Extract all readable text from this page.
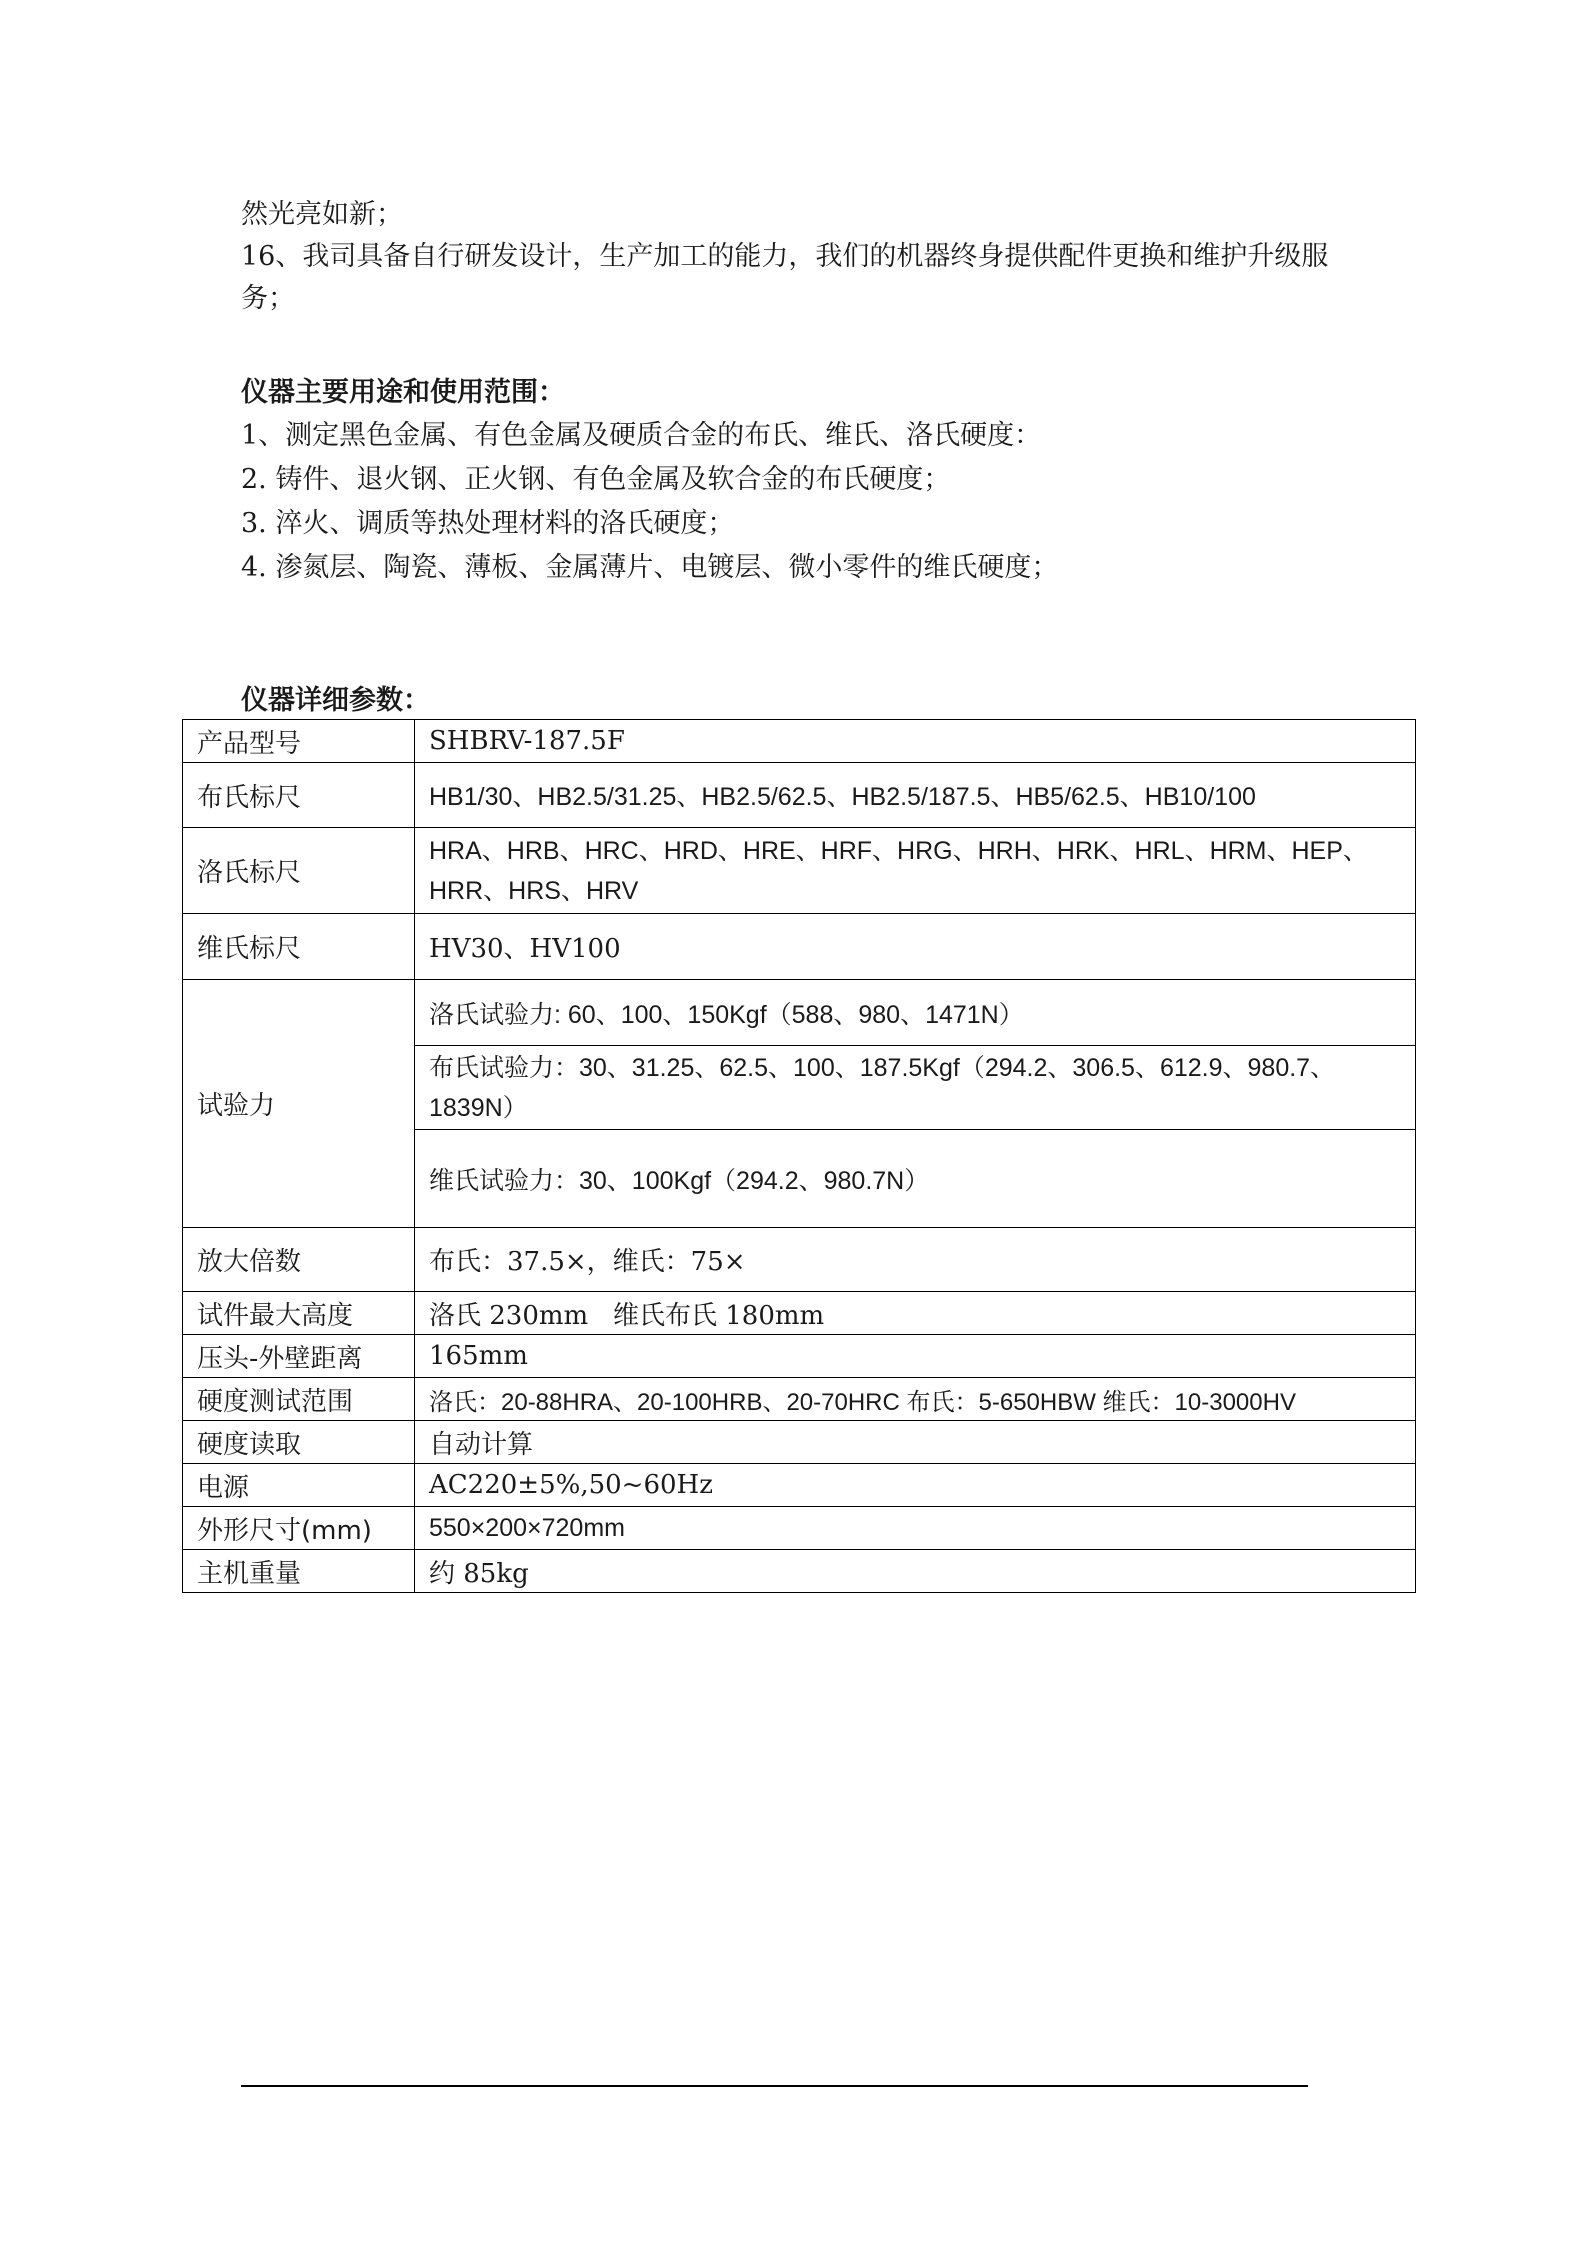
然光亮如新；
16、我司具备自行研发设计，生产加工的能力，我们的机器终身提供配件更换和维护升级服
务；
仪器主要用途和使用范围：
1、测定黑色金属、有色金属及硬质合金的布氏、维氏、洛氏硬度：
2. 铸件、退火钢、正火钢、有色金属及软合金的布氏硬度；
3. 淬火、调质等热处理材料的洛氏硬度；
4. 渗氮层、陶瓷、薄板、金属薄片、电镀层、微小零件的维氏硬度；
仪器详细参数：
产品型号	SHBRV-187.5F
布氏标尺	HB1/30、HB2.5/31.25、HB2.5/62.5、HB2.5/187.5、HB5/62.5、HB10/100
洛氏标尺	HRA、HRB、HRC、HRD、HRE、HRF、HRG、HRH、HRK、HRL、HRM、HEP、HRR、HRS、HRV
维氏标尺	HV30、HV100
试验力	洛氏试验力: 60、100、150Kgf（588、980、1471N）
	布氏试验力：30、31.25、62.5、100、187.5Kgf（294.2、306.5、612.9、980.7、1839N）
	维氏试验力：30、100Kgf（294.2、980.7N）
放大倍数	布氏：37.5×，维氏：75×
试件最大高度	洛氏 230mm   维氏布氏 180mm
压头-外壁距离	165mm
硬度测试范围	洛氏：20-88HRA、20-100HRB、20-70HRC 布氏：5-650HBW 维氏：10-3000HV
硬度读取	自动计算
电源	AC220±5%,50~60Hz
外形尺寸(mm)	550×200×720mm
主机重量	约 85kg
